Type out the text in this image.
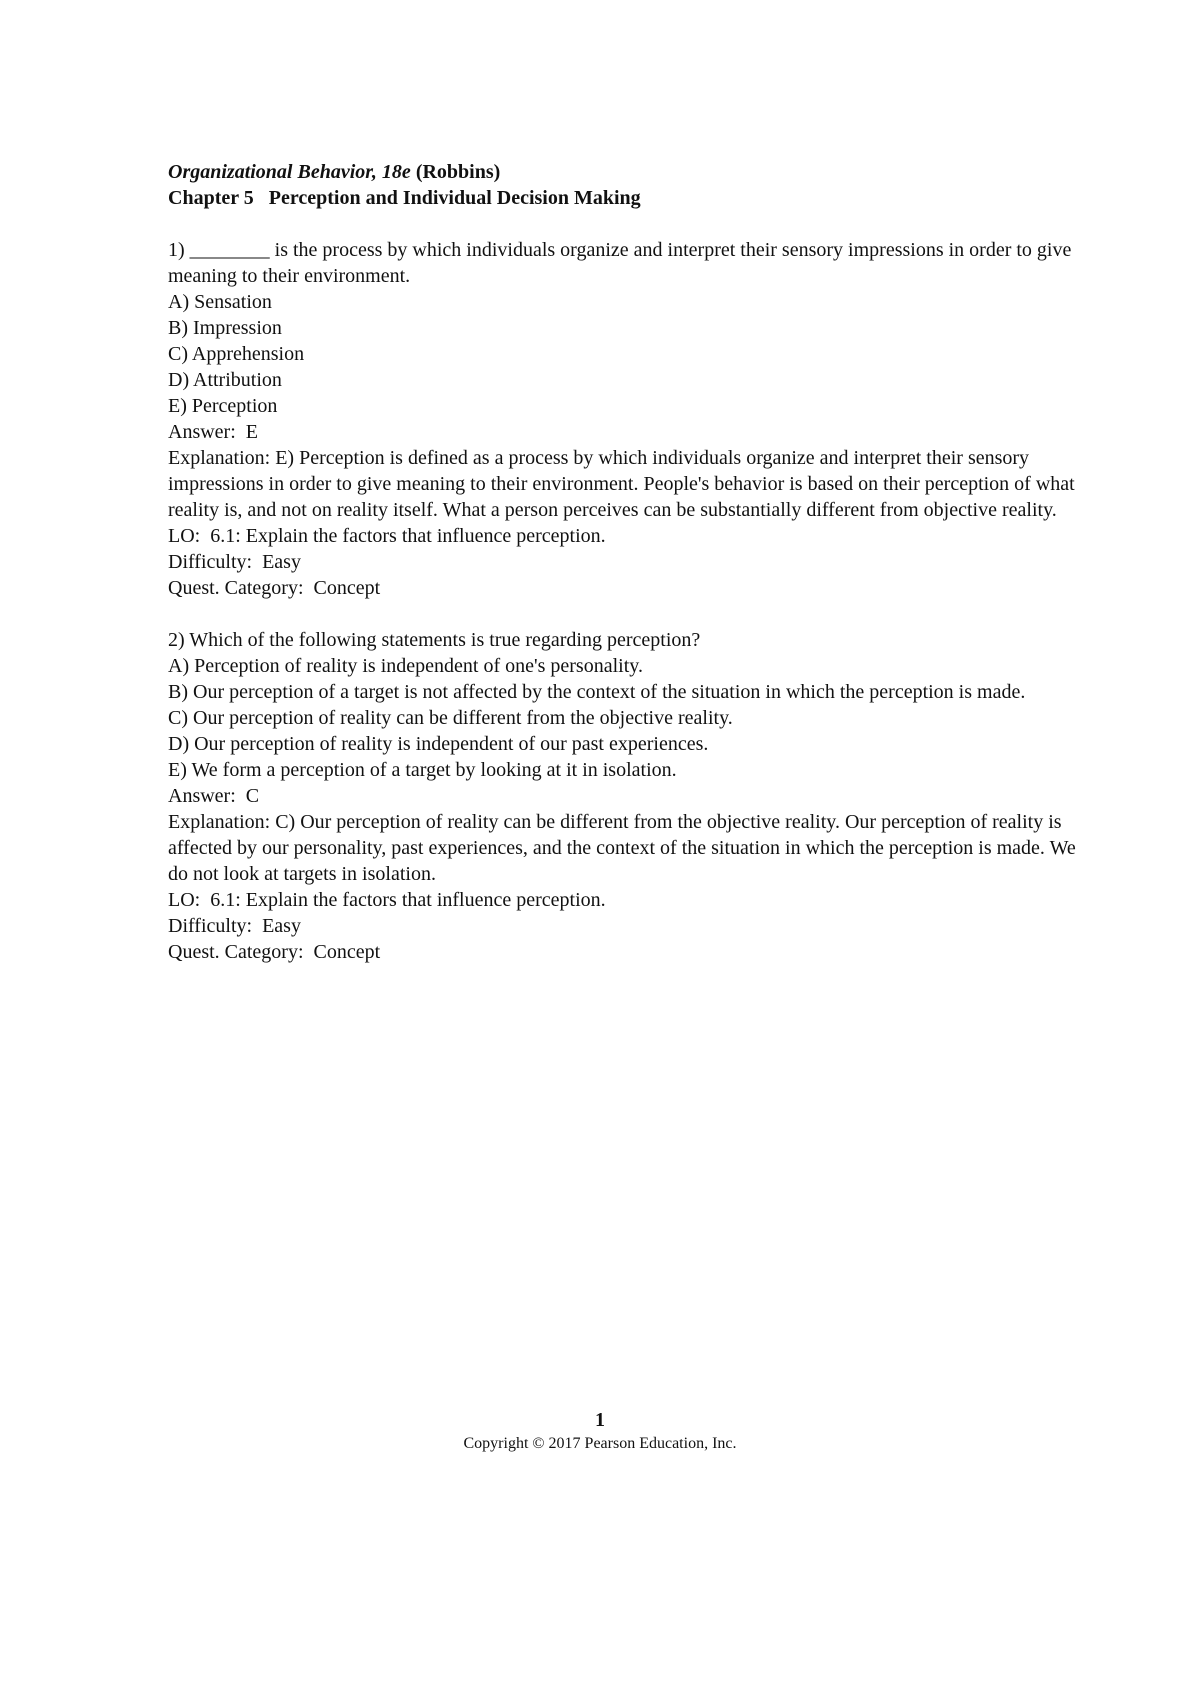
Organizational Behavior, 18e (Robbins)
Chapter 5   Perception and Individual Decision Making

1) ________ is the process by which individuals organize and interpret their sensory impressions in order to give meaning to their environment.

A) Sensation

B) Impression

C) Apprehension

D) Attribution

E) Perception

Answer:  E

Explanation: E) Perception is defined as a process by which individuals organize and interpret their sensory impressions in order to give meaning to their environment. People's behavior is based on their perception of what reality is, and not on reality itself. What a person perceives can be substantially different from objective reality.

LO:  6.1: Explain the factors that influence perception.

Difficulty:  Easy

Quest. Category:  Concept

2) Which of the following statements is true regarding perception?

A) Perception of reality is independent of one's personality.

B) Our perception of a target is not affected by the context of the situation in which the perception is made.

C) Our perception of reality can be different from the objective reality.

D) Our perception of reality is independent of our past experiences.

E) We form a perception of a target by looking at it in isolation.

Answer:  C

Explanation: C) Our perception of reality can be different from the objective reality. Our perception of reality is affected by our personality, past experiences, and the context of the situation in which the perception is made. We do not look at targets in isolation.

LO:  6.1: Explain the factors that influence perception.

Difficulty:  Easy

Quest. Category:  Concept

1
Copyright © 2017 Pearson Education, Inc.
